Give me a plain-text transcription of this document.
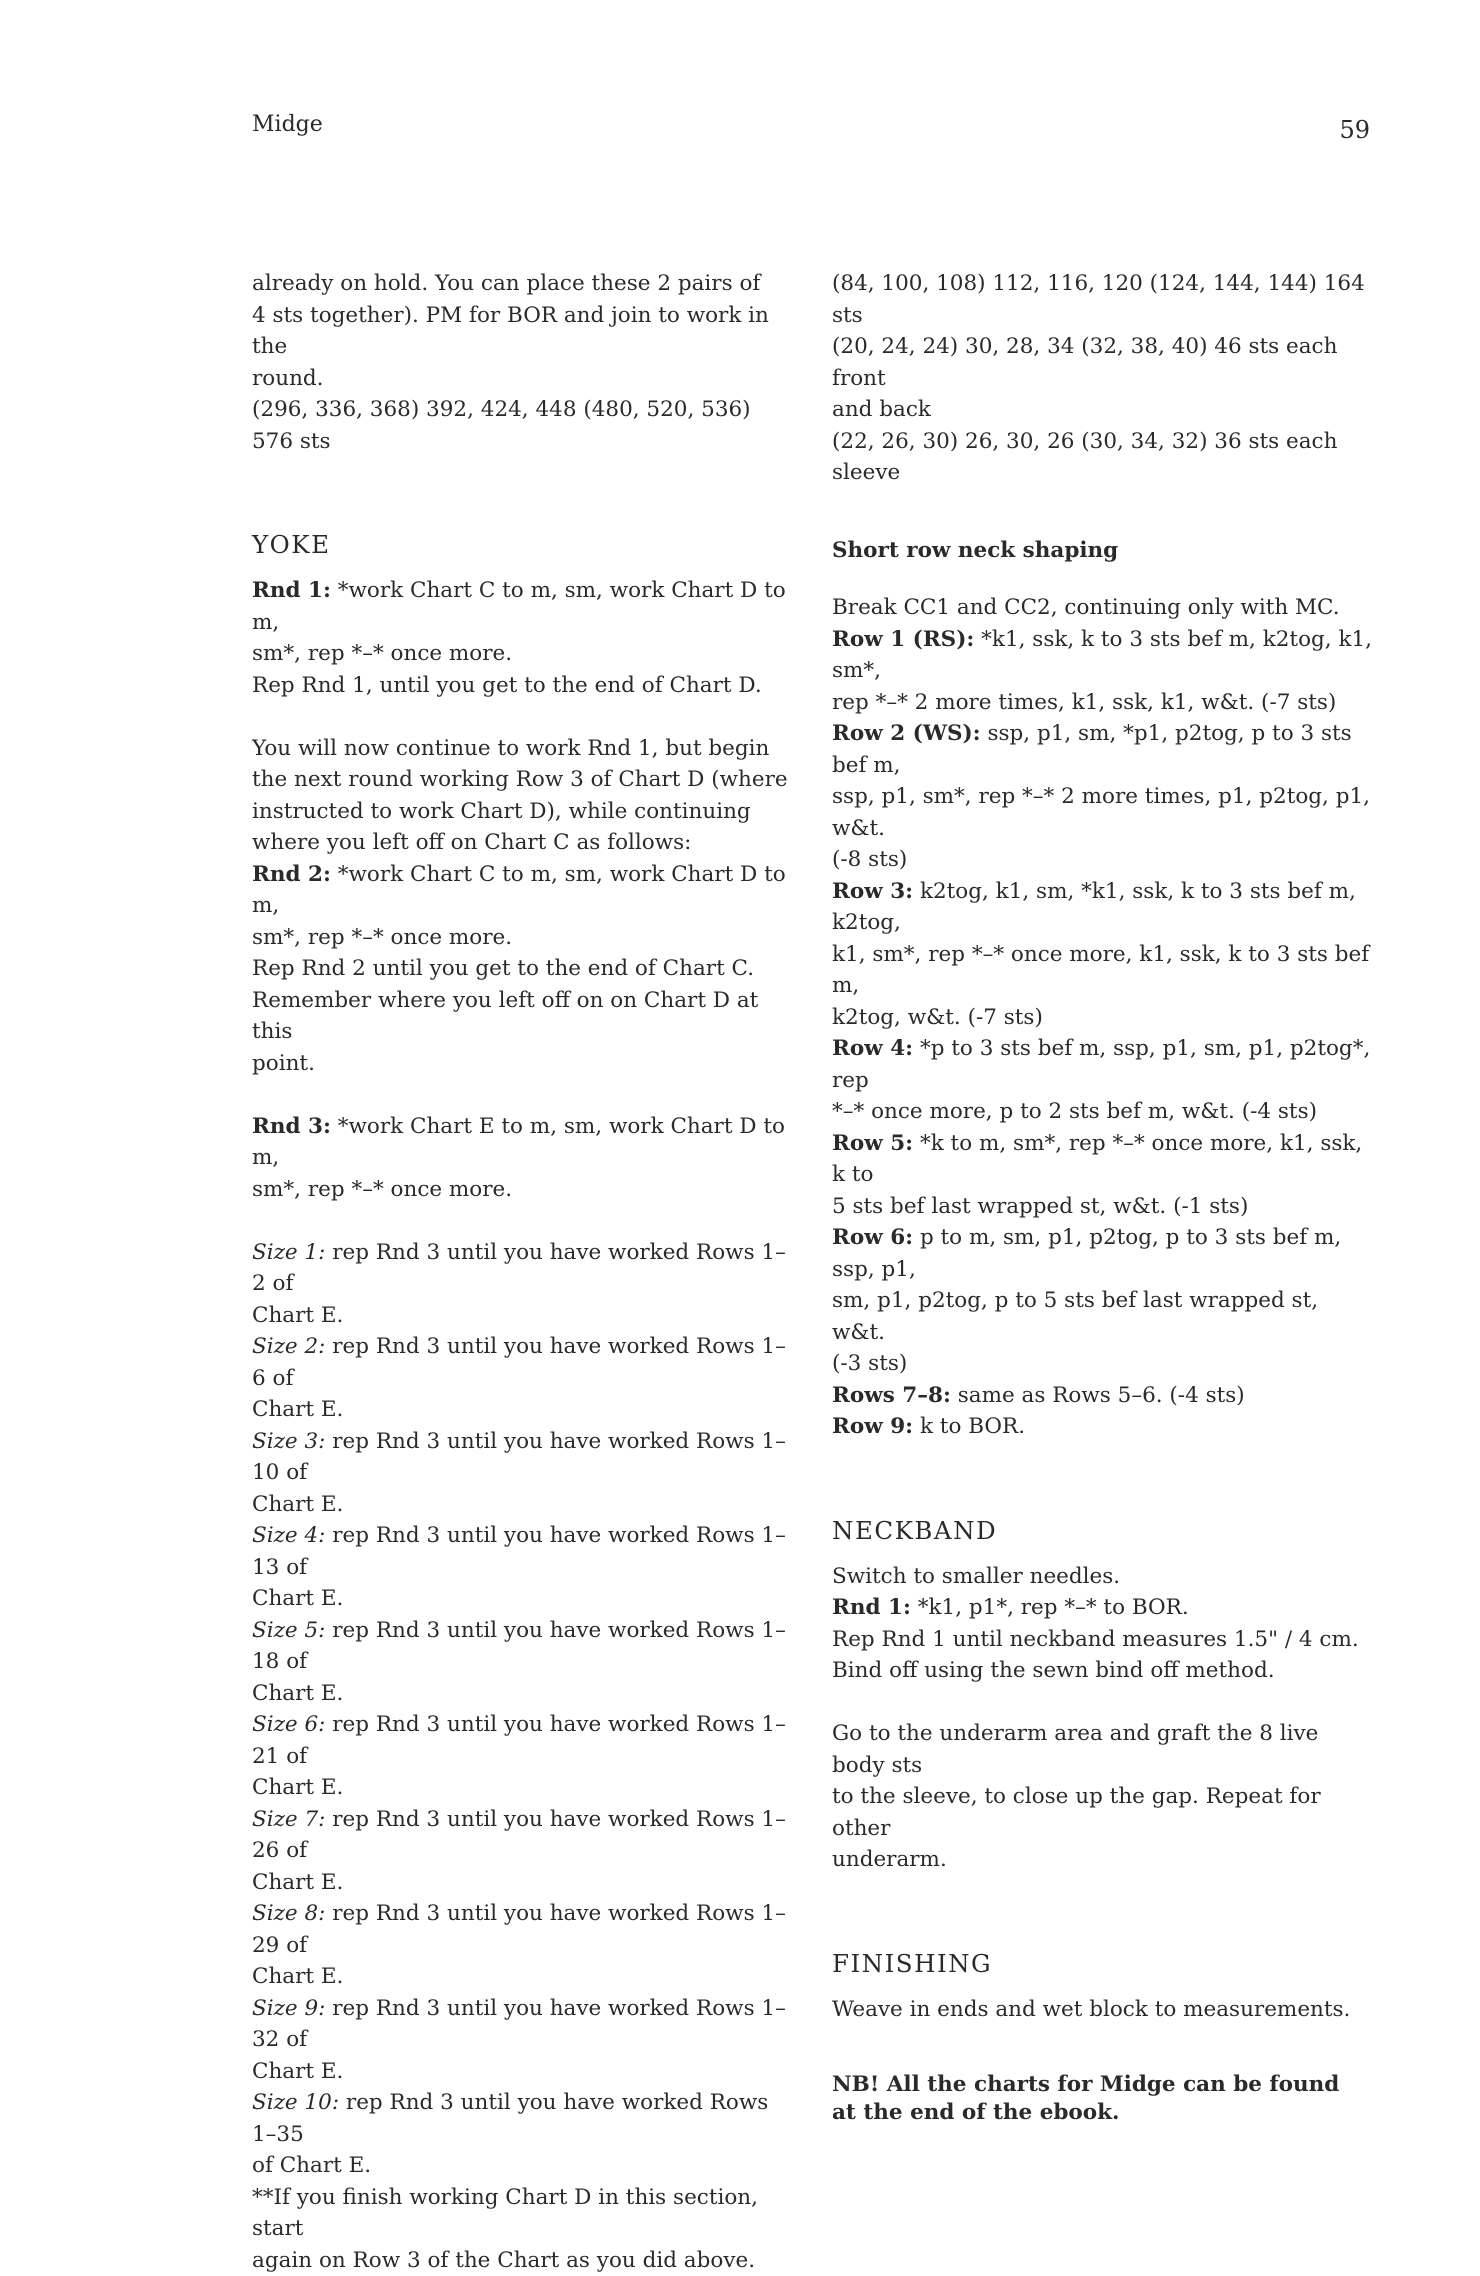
Midge	59

already on hold. You can place these 2 pairs of

4 sts together). PM for BOR and join to work in the

round.

(296, 336, 368) 392, 424, 448 (480, 520, 536) 576 sts

YOKE

Rnd 1: *work Chart C to m, sm, work Chart D to m,

sm*, rep *–* once more.

Rep Rnd 1, until you get to the end of Chart D.

You will now continue to work Rnd 1, but begin

the next round working Row 3 of Chart D (where

instructed to work Chart D), while continuing

where you left off on Chart C as follows:

Rnd 2: *work Chart C to m, sm, work Chart D to m,

sm*, rep *–* once more.

Rep Rnd 2 until you get to the end of Chart C.

Remember where you left off on on Chart D at this

point.

Rnd 3: *work Chart E to m, sm, work Chart D to m,

sm*, rep *–* once more.

Size 1: rep Rnd 3 until you have worked Rows 1–2 of

Chart E.

Size 2: rep Rnd 3 until you have worked Rows 1–6 of

Chart E.

Size 3: rep Rnd 3 until you have worked Rows 1–10 of

Chart E.

Size 4: rep Rnd 3 until you have worked Rows 1–13 of

Chart E.

Size 5: rep Rnd 3 until you have worked Rows 1–18 of

Chart E.

Size 6: rep Rnd 3 until you have worked Rows 1–21 of

Chart E.

Size 7: rep Rnd 3 until you have worked Rows 1–26 of

Chart E.

Size 8: rep Rnd 3 until you have worked Rows 1–29 of

Chart E.

Size 9: rep Rnd 3 until you have worked Rows 1–32 of

Chart E.

Size 10: rep Rnd 3 until you have worked Rows 1–35

of Chart E.

**If you finish working Chart D in this section, start

again on Row 3 of the Chart as you did above.

(84, 100, 108) 112, 116, 120 (124, 144, 144) 164 sts

(20, 24, 24) 30, 28, 34 (32, 38, 40) 46 sts each front

and back

(22, 26, 30) 26, 30, 26 (30, 34, 32) 36 sts each sleeve

Short row neck shaping

Break CC1 and CC2, continuing only with MC.

Row 1 (RS): *k1, ssk, k to 3 sts bef m, k2tog, k1, sm*,

rep *–* 2 more times, k1, ssk, k1, w&t. (-7 sts)

Row 2 (WS): ssp, p1, sm, *p1, p2tog, p to 3 sts bef m,

ssp, p1, sm*, rep *–* 2 more times, p1, p2tog, p1, w&t.

(-8 sts)

Row 3: k2tog, k1, sm, *k1, ssk, k to 3 sts bef m, k2tog,

k1, sm*, rep *–* once more, k1, ssk, k to 3 sts bef m,

k2tog, w&t. (-7 sts)

Row 4: *p to 3 sts bef m, ssp, p1, sm, p1, p2tog*, rep

*–* once more, p to 2 sts bef m, w&t. (-4 sts)

Row 5: *k to m, sm*, rep *–* once more, k1, ssk, k to

5 sts bef last wrapped st, w&t. (-1 sts)

Row 6: p to m, sm, p1, p2tog, p to 3 sts bef m, ssp, p1,

sm, p1, p2tog, p to 5 sts bef last wrapped st, w&t.

(-3 sts)

Rows 7–8: same as Rows 5–6. (-4 sts)

Row 9: k to BOR.

NECKBAND

Switch to smaller needles.

Rnd 1: *k1, p1*, rep *–* to BOR.

Rep Rnd 1 until neckband measures 1.5" / 4 cm.

Bind off using the sewn bind off method.

Go to the underarm area and graft the 8 live body sts

to the sleeve, to close up the gap. Repeat for other

underarm.

FINISHING

Weave in ends and wet block to measurements.

NB! All the charts for Midge can be found

at the end of the ebook.
